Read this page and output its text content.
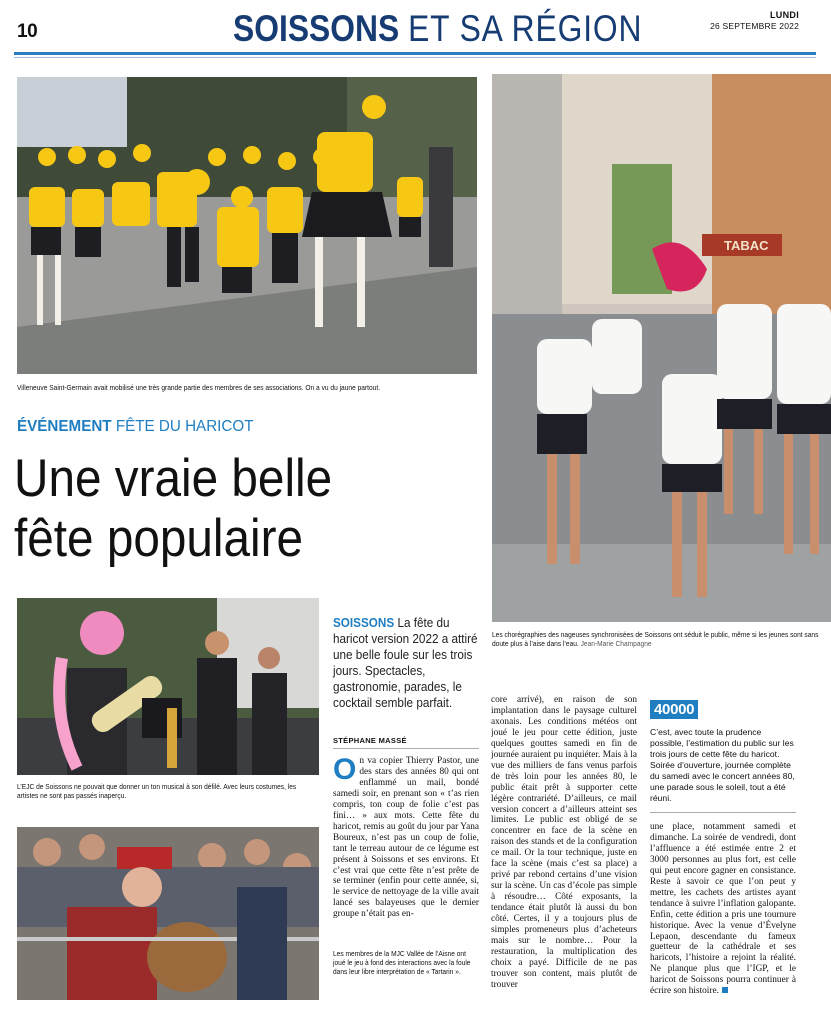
10	SOISSONS ET SA RÉGION	LUNDI
26 SEPTEMBRE 2022
Villeneuve Saint-Germain avait mobilisé une très grande partie des membres de ses associations. On a vu du jaune partout.
TABAC
Les chorégraphies des nageuses synchronisées de Soissons ont séduit le public, même si les jeunes sont sans doute plus à l’aise dans l’eau. Jean-Marie Champagne
ÉVÉNEMENT FÊTE DU HARICOT
Une vraie belle
fête populaire
L’EJC de Soissons ne pouvait que donner un ton musical à son défilé. Avec leurs costumes, les artistes ne sont pas passés inaperçu.
Les membres de la MJC Vallée de l’Aisne ont joué le jeu à fond des interactions avec la foule dans leur libre interprétation de « Tartarin ».
SOISSONS La fête du haricot version 2022 a attiré une belle foule sur les trois jours. Spectacles, gastronomie, parades, le cocktail semble parfait.
STÉPHANE MASSÉ
On va copier Thierry Pastor, une des stars des années 80 qui ont enflammé un mail, bondé samedi soir, en prenant son « t’as rien compris, ton coup de folie c’est pas fini… » aux mots. Cette fête du haricot, remis au goût du jour par Yana Boureux, n’est pas un coup de folie, tant le terreau autour de ce légume est présent à Soissons et ses environs. Et c’est vrai que cette fête n’est prête de se terminer (enfin pour cette année, si, le service de nettoyage de la ville avait lancé ses balayeuses que le dernier groupe n’était pas en-
core arrivé), en raison de son implantation dans le paysage culturel axonais. Les conditions météos ont joué le jeu pour cette édition, juste quelques gouttes samedi en fin de journée auraient pu inquiéter. Mais à la vue des milliers de fans venus parfois de très loin pour les années 80, le public était prêt à supporter cette légère contrariété. D’ailleurs, ce mail version concert a d’ailleurs atteint ses limites. Le public est obligé de se concentrer en face de la scène en raison des stands et de la configuration ce mail. Or la tour technique, juste en face la scène (mais c’est sa place) a privé par rebond certains d’une vision sur la scène. Un cas d’école pas simple à résoudre… Côté exposants, la tendance était plutôt là aussi du bon côté. Certes, il y a toujours plus de simples promeneurs plus d’acheteurs mais sur le nombre… Pour la restauration, la multiplication des choix a payé. Difficile de ne pas trouver son content, mais plutôt de trouver
40000
C’est, avec toute la prudence possible, l’estimation du public sur les trois jours de cette fête du haricot. Soirée d’ouverture, journée complète du samedi avec le concert années 80, une parade sous le soleil, tout a été réuni.
une place, notamment samedi et dimanche. La soirée de vendredi, dont l’affluence a été estimée entre 2 et 3000 personnes au plus fort, est celle qui peut encore gagner en consistance. Reste à savoir ce que l’on peut y mettre, les cachets des artistes ayant tendance à suivre l’inflation galopante. Enfin, cette édition a pris une tournure historique. Avec la venue d’Évelyne Lepaon, descendante du fameux guetteur de la cathédrale et ses haricots, l’histoire a rejoint la réalité. Ne planque plus que l’IGP, et le haricot de Soissons pourra continuer à écrire son histoire.
